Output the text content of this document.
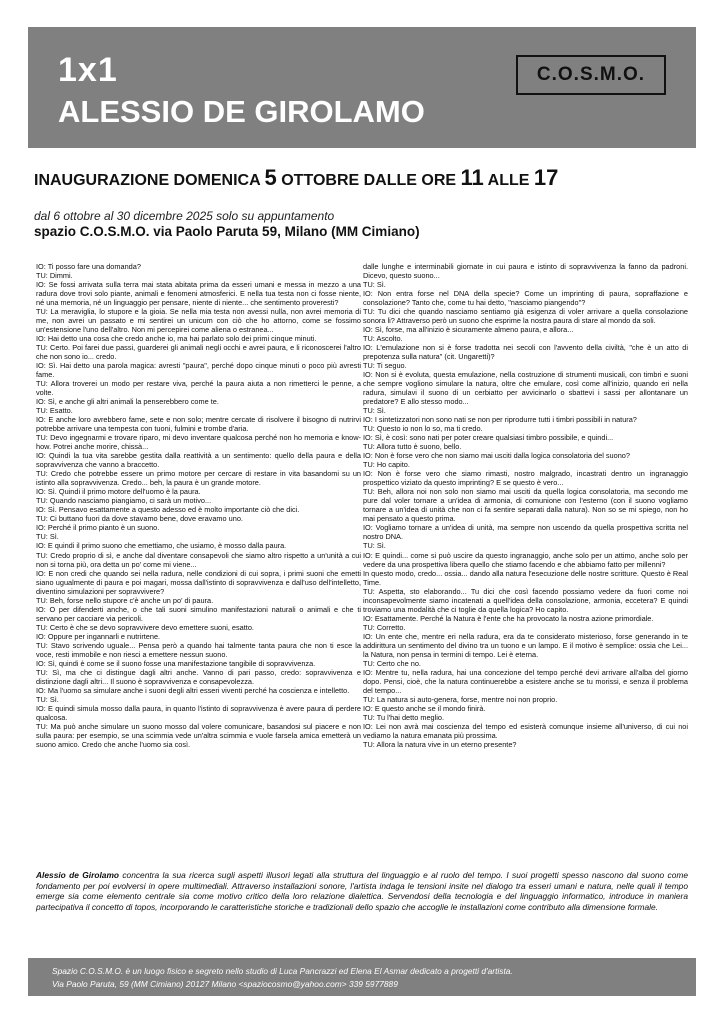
1x1
ALESSIO DE GIROLAMO
C.O.S.M.O.
INAUGURAZIONE DOMENICA 5 OTTOBRE DALLE ORE 11 ALLE 17
dal 6 ottobre al 30 dicembre 2025 solo su appuntamento
spazio C.O.S.M.O. via Paolo Paruta 59, Milano (MM Cimiano)

IO: Ti posso fare una domanda?

TU: Dimmi.

IO: Se fossi arrivata sulla terra mai stata abitata prima da esseri umani e messa in mezzo a una radura dove trovi solo piante, animali e fenomeni atmosferici. E nella tua testa non ci fosse niente, né una memoria, né un linguaggio per pensare, niente di niente... che sentimento proveresti?

TU: La meraviglia, lo stupore e la gioia. Se nella mia testa non avessi nulla, non avrei memoria di me, non avrei un passato e mi sentirei un unicum con ciò che ho attorno, come se fossimo un'estensione l'uno dell'altro. Non mi percepirei come aliena o estranea...

IO: Hai detto una cosa che credo anche io, ma hai parlato solo dei primi cinque minuti.

TU: Certo. Poi farei due passi, guarderei gli animali negli occhi e avrei paura, e li riconoscerei l'altro che non sono io... credo.

IO: Sì. Hai detto una parola magica: avresti "paura", perché dopo cinque minuti o poco più avresti fame.

TU: Allora troverei un modo per restare viva, perché la paura aiuta a non rimetterci le penne, a volte.

IO: Sì, e anche gli altri animali la penserebbero come te.

TU: Esatto.

IO: E anche loro avrebbero fame, sete e non solo; mentre cercate di risolvere il bisogno di nutrirvi potrebbe arrivare una tempesta con tuoni, fulmini e trombe d'aria.

TU: Devo ingegnarmi e trovare riparo, mi devo inventare qualcosa perché non ho memoria e know-how. Potrei anche morire, chissà...

IO: Quindi la tua vita sarebbe gestita dalla reattività a un sentimento: quello della paura e della sopravvivenza che vanno a braccetto.

TU: Credo che potrebbe essere un primo motore per cercare di restare in vita basandomi su un istinto alla sopravvivenza. Credo... beh, la paura è un grande motore.

IO: Sì. Quindi il primo motore dell'uomo è la paura.

TU: Quando nasciamo piangiamo, ci sarà un motivo...

IO: Sì. Pensavo esattamente a questo adesso ed è molto importante ciò che dici.

TU: Ci buttano fuori da dove stavamo bene, dove eravamo uno.

IO: Perché il primo pianto è un suono.

TU: Sì.

IO: E quindi il primo suono che emettiamo, che usiamo, è mosso dalla paura.

TU: Credo proprio di sì, e anche dal diventare consapevoli che siamo altro rispetto a un'unità a cui non si torna più, ora detta un po' come mi viene...

IO: E non credi che quando sei nella radura, nelle condizioni di cui sopra, i primi suoni che emetti siano ugualmente di paura e poi magari, mossa dall'istinto di sopravvivenza e dall'uso dell'intelletto, diventino simulazioni per sopravvivere?

TU: Beh, forse nello stupore c'è anche un po' di paura.

IO: O per difenderti anche, o che tali suoni simulino manifestazioni naturali o animali e che ti servano per cacciare via pericoli.

TU: Certo è che se devo sopravvivere devo emettere suoni, esatto.

IO: Oppure per ingannarli e nutrirtene.

TU: Stavo scrivendo uguale... Pensa però a quando hai talmente tanta paura che non ti esce la voce, resti immobile e non riesci a emettere nessun suono.

IO: Sì, quindi è come se il suono fosse una manifestazione tangibile di sopravvivenza.

TU: Sì, ma che ci distingue dagli altri anche. Vanno di pari passo, credo: sopravvivenza e distinzione dagli altri... Il suono è sopravvivenza e consapevolezza.

IO: Ma l'uomo sa simulare anche i suoni degli altri esseri viventi perché ha coscienza e intelletto.

TU: Sì.

IO: E quindi simula mosso dalla paura, in quanto l'istinto di sopravvivenza è avere paura di perdere qualcosa.

TU: Ma può anche simulare un suono mosso dal volere comunicare, basandosi sul piacere e non sulla paura: per esempio, se una scimmia vede un'altra scimmia e vuole farsela amica emetterà un suono amico. Credo che anche l'uomo sia così.

dalle lunghe e interminabili giornate in cui paura e istinto di sopravvivenza la fanno da padroni. Dicevo, questo suono...

TU: Sì.

IO: Non entra forse nel DNA della specie? Come un imprinting di paura, sopraffazione e consolazione? Tanto che, come tu hai detto, "nasciamo piangendo"?

TU: Tu dici che quando nasciamo sentiamo già esigenza di voler arrivare a quella consolazione sonora li? Attraverso però un suono che esprime la nostra paura di stare al mondo da soli.

IO: Sì, forse, ma all'inizio è sicuramente almeno paura, e allora...

TU: Ascolto.

IO: L'emulazione non si è forse tradotta nei secoli con l'avvento della civiltà, "che è un atto di prepotenza sulla natura" (cit. Ungaretti)?

TU: Ti seguo.

IO: Non si è evoluta, questa emulazione, nella costruzione di strumenti musicali, con timbri e suoni che sempre vogliono simulare la natura, oltre che emulare, così come all'inizio, quando eri nella radura, simulavi il suono di un cerbiatto per avvicinarlo o sbattevi i sassi per allontanare un predatore? E allo stesso modo...

TU: Sì.

IO: I sintetizzatori non sono nati se non per riprodurre tutti i timbri possibili in natura?

TU: Questo io non lo so, ma ti credo.

IO: Sì, è così: sono nati per poter creare qualsiasi timbro possibile, e quindi...

TU: Allora tutto è suono, bello.

IO: Non è forse vero che non siamo mai usciti dalla logica consolatoria del suono?

TU: Ho capito.

IO: Non è forse vero che siamo rimasti, nostro malgrado, incastrati dentro un ingranaggio prospettico viziato da questo imprinting? E se questo è vero...

TU: Beh, allora noi non solo non siamo mai usciti da quella logica consolatoria, ma secondo me pure dal voler tornare a un'idea di armonia, di comunione con l'esterno (con il suono vogliamo tornare a un'idea di unità che non ci fa sentire separati dalla natura). Non so se mi spiego, non ho mai pensato a questo prima.

IO: Vogliamo tornare a un'idea di unità, ma sempre non uscendo da quella prospettiva scritta nel nostro DNA.

TU: Sì.

IO: E quindi... come si può uscire da questo ingranaggio, anche solo per un attimo, anche solo per vedere da una prospettiva libera quello che stiamo facendo e che abbiamo fatto per millenni?

In questo modo, credo... ossia... dando alla natura l'esecuzione delle nostre scritture. Questo è Real Time.

TU: Aspetta, sto elaborando... Tu dici che così facendo possiamo vedere da fuori come noi inconsapevolmente siamo incatenati a quell'idea della consolazione, armonia, eccetera? E quindi troviamo una modalità che ci toglie da quella logica? Ho capito.

IO: Esattamente. Perché la Natura è l'ente che ha provocato la nostra azione primordiale.

TU: Corretto.

IO: Un ente che, mentre eri nella radura, era da te considerato misterioso, forse generando in te addirittura un sentimento del divino tra un tuono e un lampo. E il motivo è semplice: ossia che Lei... la Natura, non pensa in termini di tempo. Lei è eterna.

TU: Certo che no.

IO: Mentre tu, nella radura, hai una concezione del tempo perché devi arrivare all'alba del giorno dopo. Pensi, cioè, che la natura continuerebbe a esistere anche se tu morissi, e senza il problema del tempo...

TU: La natura si auto-genera, forse, mentre noi non proprio.

IO: E questo anche se il mondo finirà.

TU: Tu l'hai detto meglio.

IO: Lei non avrà mai coscienza del tempo ed esisterà comunque insieme all'universo, di cui noi vediamo la natura emanata più prossima.

TU: Allora la natura vive in un eterno presente?

Alessio de Girolamo concentra la sua ricerca sugli aspetti illusori legati alla struttura del linguaggio e al ruolo del tempo. I suoi progetti spesso nascono dal suono come fondamento per poi evolversi in opere multimediali. Attraverso installazioni sonore, l'artista indaga le tensioni insite nel dialogo tra esseri umani e natura, nelle quali il tempo emerge sia come elemento centrale sia come motivo critico della loro relazione dialettica. Servendosi della tecnologia e del linguaggio informatico, introduce in maniera partecipativa il concetto di topos, incorporando le caratteristiche storiche e tradizionali dello spazio che accoglie le installazioni come contributo alla dimensione formale.
Spazio C.O.S.M.O. è un luogo fisico e segreto nello studio di Luca Pancrazzi ed Elena El Asmar dedicato a progetti d'artista.
Via Paolo Paruta, 59 (MM Cimiano) 20127 Milano <spaziocosmo@yahoo.com> 339 5977889
